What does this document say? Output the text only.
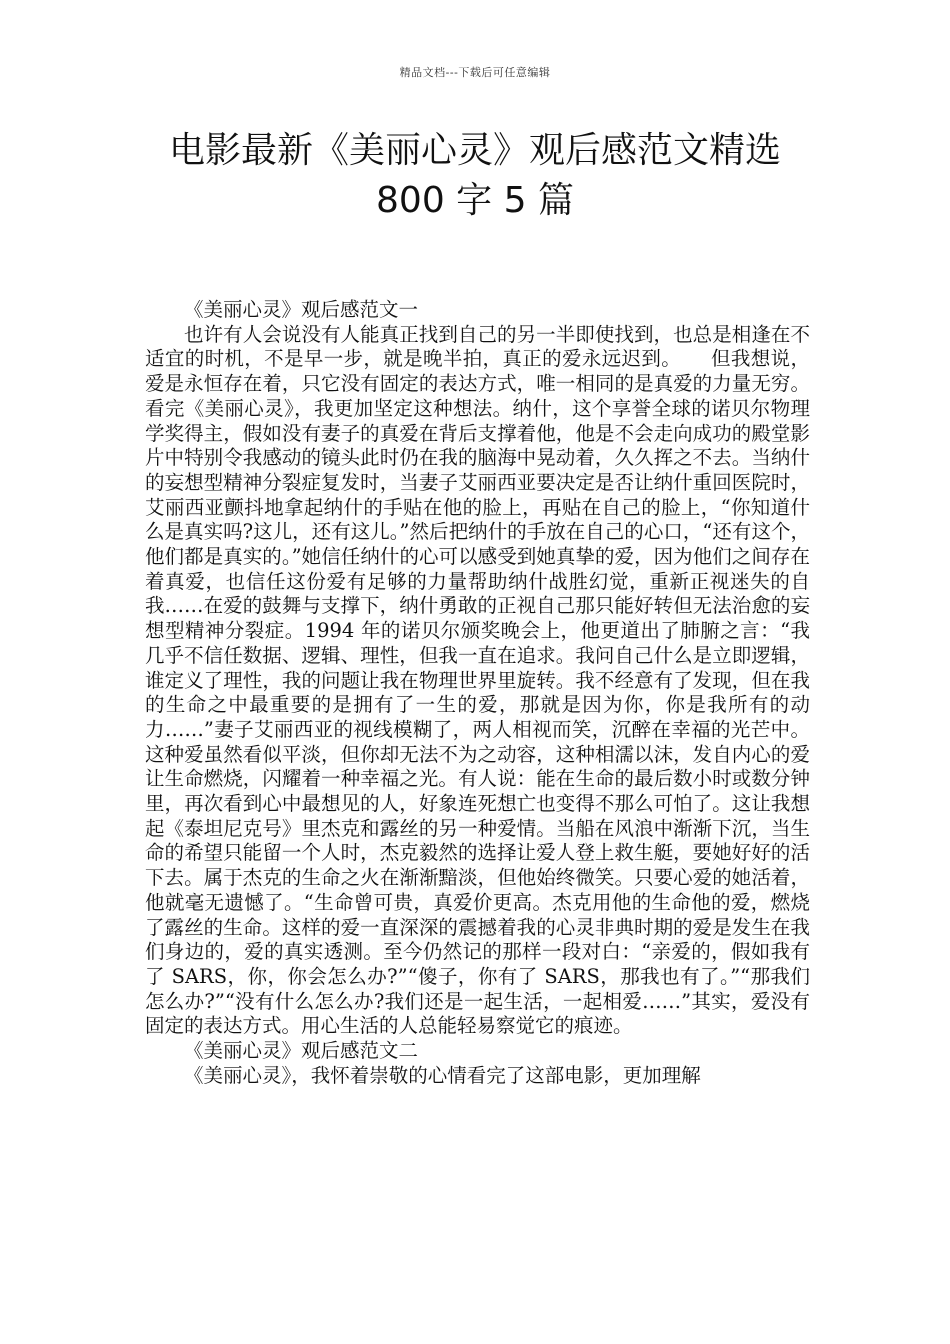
精品文档---下载后可任意编辑
电影最新《美丽心灵》观后感范文精选
800 字 5 篇

《美丽心灵》观后感范文一

也许有人会说没有人能真正找到自己的另一半即使找到，也总是相逢在不适宜的时机，不是早一步，就是晚半拍，真正的爱永远迟到。　　但我想说，爱是永恒存在着，只它没有固定的表达方式，唯一相同的是真爱的力量无穷。看完《美丽心灵》，我更加坚定这种想法。纳什，这个享誉全球的诺贝尔物理学奖得主，假如没有妻子的真爱在背后支撑着他，他是不会走向成功的殿堂影片中特别令我感动的镜头此时仍在我的脑海中晃动着，久久挥之不去。当纳什的妄想型精神分裂症复发时，当妻子艾丽西亚要决定是否让纳什重回医院时，艾丽西亚颤抖地拿起纳什的手贴在他的脸上，再贴在自己的脸上，“你知道什么是真实吗?这儿，还有这儿。”然后把纳什的手放在自己的心口，“还有这个，他们都是真实的。”她信任纳什的心可以感受到她真挚的爱，因为他们之间存在着真爱，也信任这份爱有足够的力量帮助纳什战胜幻觉，重新正视迷失的自我……在爱的鼓舞与支撑下，纳什勇敢的正视自己那只能好转但无法治愈的妄想型精神分裂症。1994 年的诺贝尔颁奖晚会上，他更道出了肺腑之言：“我几乎不信任数据、逻辑、理性，但我一直在追求。我问自己什么是立即逻辑，谁定义了理性，我的问题让我在物理世界里旋转。我不经意有了发现，但在我的生命之中最重要的是拥有了一生的爱，那就是因为你，你是我所有的动力……”妻子艾丽西亚的视线模糊了，两人相视而笑，沉醉在幸福的光芒中。这种爱虽然看似平淡，但你却无法不为之动容，这种相濡以沫，发自内心的爱让生命燃烧，闪耀着一种幸福之光。有人说：能在生命的最后数小时或数分钟里，再次看到心中最想见的人，好象连死想亡也变得不那么可怕了。这让我想起《泰坦尼克号》里杰克和露丝的另一种爱情。当船在风浪中渐渐下沉，当生命的希望只能留一个人时，杰克毅然的选择让爱人登上救生艇，要她好好的活下去。属于杰克的生命之火在渐渐黯淡，但他始终微笑。只要心爱的她活着，他就毫无遗憾了。“生命曾可贵，真爱价更高。杰克用他的生命他的爱，燃烧了露丝的生命。这样的爱一直深深的震撼着我的心灵非典时期的爱是发生在我们身边的，爱的真实透测。至今仍然记的那样一段对白：“亲爱的，假如我有了 SARS，你，你会怎么办?”“傻子，你有了 SARS，那我也有了。”“那我们怎么办?”“没有什么怎么办?我们还是一起生活，一起相爱……”其实，爱没有固定的表达方式。用心生活的人总能轻易察觉它的痕迹。

《美丽心灵》观后感范文二

《美丽心灵》，我怀着崇敬的心情看完了这部电影，更加理解
